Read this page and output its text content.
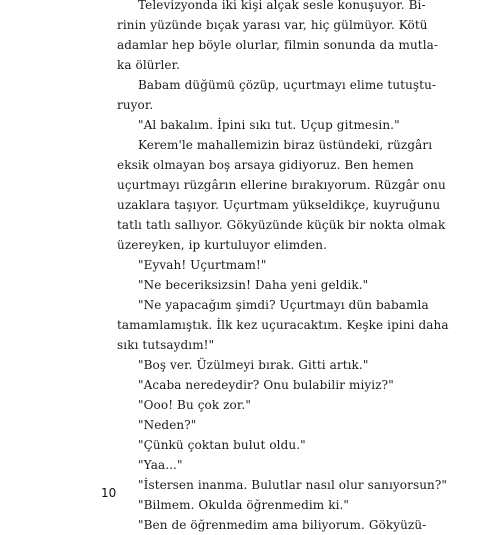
Televizyonda iki kişi alçak sesle konuşuyor. Bi-
rinin yüzünde bıçak yarası var, hiç gülmüyor. Kötü
adamlar hep böyle olurlar, filmin sonunda da mutla-
ka ölürler.
Babam düğümü çözüp, uçurtmayı elime tutuştu-
ruyor.
"Al bakalım. İpini sıkı tut. Uçup gitmesin."
Kerem'le mahallemizin biraz üstündeki, rüzgârı
eksik olmayan boş arsaya gidiyoruz. Ben hemen
uçurtmayı rüzgârın ellerine bırakıyorum. Rüzgâr onu
uzaklara taşıyor. Uçurtmam yükseldikçe, kuyruğunu
tatlı tatlı sallıyor. Gökyüzünde küçük bir nokta olmak
üzereyken, ip kurtuluyor elimden.
"Eyvah! Uçurtmam!"
"Ne beceriksizsin! Daha yeni geldik."
"Ne yapacağım şimdi? Uçurtmayı dün babamla
tamamlamıştık. İlk kez uçuracaktım. Keşke ipini daha
sıkı tutsaydım!"
"Boş ver. Üzülmeyi bırak. Gitti artık."
"Acaba neredeydir? Onu bulabilir miyiz?"
"Ooo! Bu çok zor."
"Neden?"
"Çünkü çoktan bulut oldu."
"Yaa..."
"İstersen inanma. Bulutlar nasıl olur sanıyorsun?"
"Bilmem. Okulda öğrenmedim ki."
"Ben de öğrenmedim ama biliyorum. Gökyüzü-
10
